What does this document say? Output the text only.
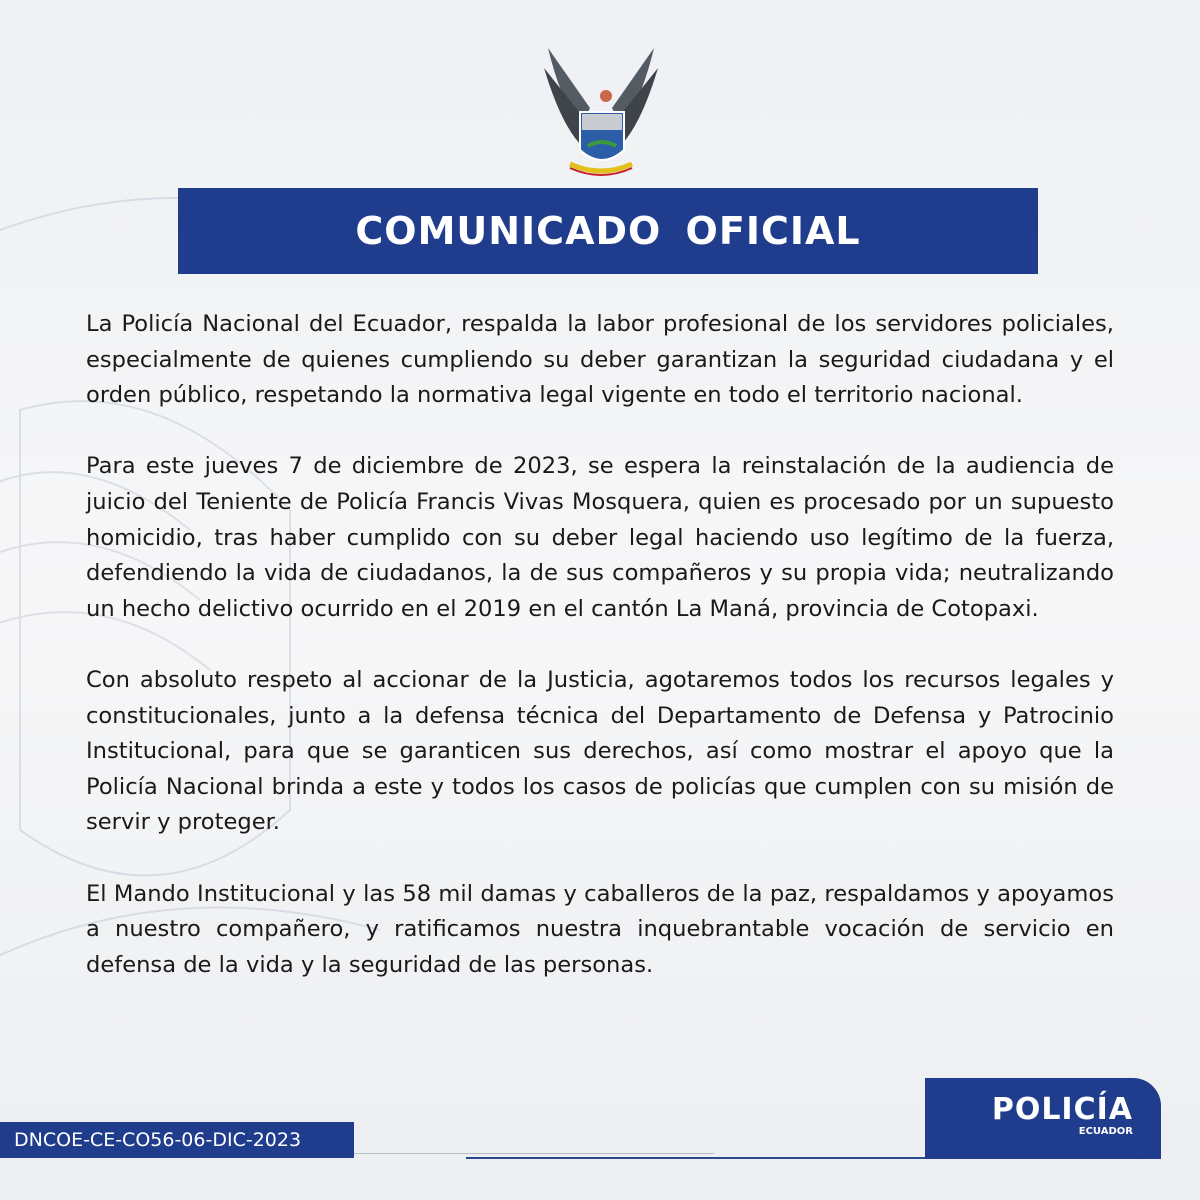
COMUNICADO OFICIAL

La Policía Nacional del Ecuador, respalda la labor profesional de los servidores policiales, especialmente de quienes cumpliendo su deber garantizan la seguridad ciudadana y el orden público, respetando la normativa legal vigente en todo el territorio nacional.

Para este jueves 7 de diciembre de 2023, se espera la reinstalación de la audiencia de juicio del Teniente de Policía Francis Vivas Mosquera, quien es procesado por un supuesto homicidio, tras haber cumplido con su deber legal haciendo uso legítimo de la fuerza, defendiendo la vida de ciudadanos, la de sus compañeros y su propia vida; neutralizando un hecho delictivo ocurrido en el 2019 en el cantón La Maná, provincia de Cotopaxi.

Con absoluto respeto al accionar de la Justicia, agotaremos todos los recursos legales y constitucionales, junto a la defensa técnica del Departamento de Defensa y Patrocinio Institucional, para que se garanticen sus derechos, así como mostrar el apoyo que la Policía Nacional brinda a este y todos los casos de policías que cumplen con su misión de servir y proteger.

El Mando Institucional y las 58 mil damas y caballeros de la paz, respaldamos y apoyamos a nuestro compañero, y ratificamos nuestra inquebrantable vocación de servicio en defensa de la vida y la seguridad de las personas.

DNCOE-CE-CO56-06-DIC-2023
POLICÍA
ECUADOR
